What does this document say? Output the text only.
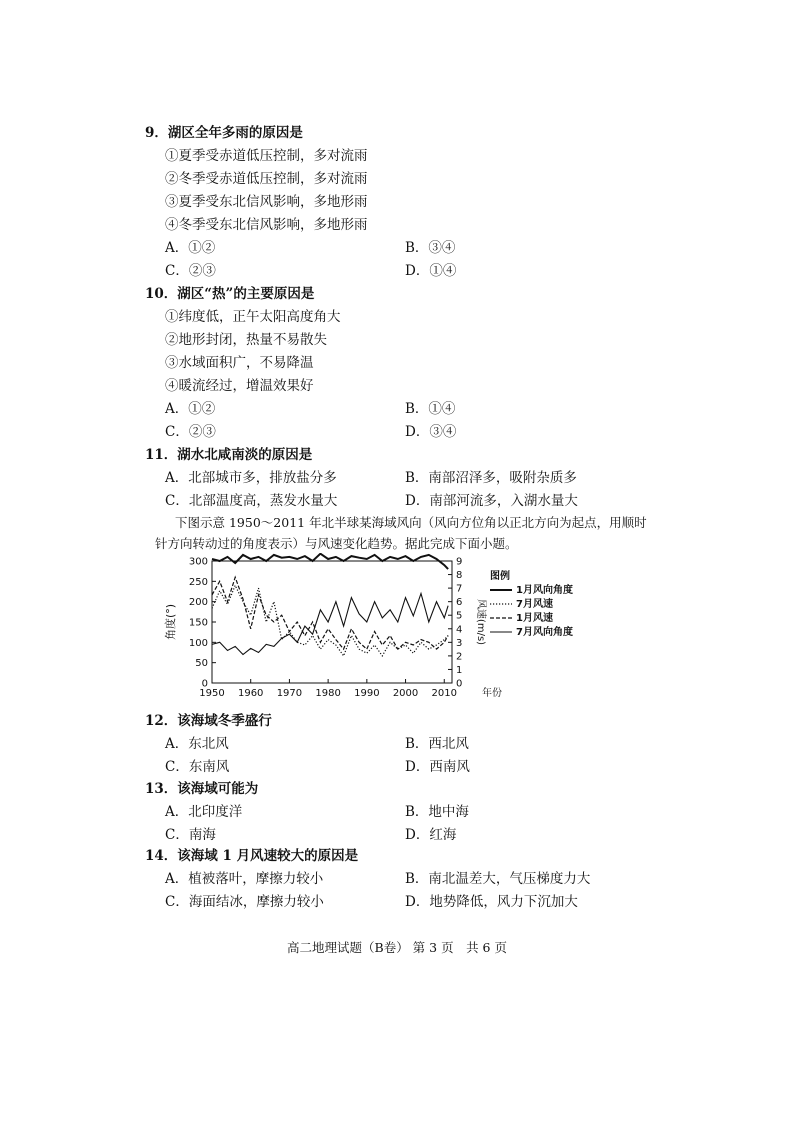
9．湖区全年多雨的原因是
①夏季受赤道低压控制，多对流雨
②冬季受赤道低压控制，多对流雨
③夏季受东北信风影响，多地形雨
④冬季受东北信风影响，多地形雨
A．①②	B．③④
C．②③	D．①④
10．湖区“热”的主要原因是
①纬度低，正午太阳高度角大
②地形封闭，热量不易散失
③水域面积广，不易降温
④暖流经过，增温效果好
A．①②	B．①④
C．②③	D．③④
11．湖水北咸南淡的原因是
A．北部城市多，排放盐分多	B．南部沼泽多，吸附杂质多
C．北部温度高，蒸发水量大	D．南部河流多，入湖水量大
下图示意 1950～2011 年北半球某海域风向（风向方位角以正北方向为起点，用顺时
针方向转动过的角度表示）与风速变化趋势。据此完成下面小题。
0
50
100
150
200
250
300
0
1
2
3
4
5
6
7
8
9
1950 1960 1970 1980 1990 2000 2010	年份
角度(°)	风速(m/s)
图例
1月风向角度
7月风速
1月风速
7月风向角度
12．该海域冬季盛行
A．东北风	B．西北风
C．东南风	D．西南风
13．该海域可能为
A．北印度洋	B．地中海
C．南海	D．红海
14．该海域 1 月风速较大的原因是
A．植被落叶，摩擦力较小	B．南北温差大，气压梯度力大
C．海面结冰，摩擦力较小	D．地势降低，风力下沉加大
高二地理试题（B卷） 第 3 页　共 6 页
